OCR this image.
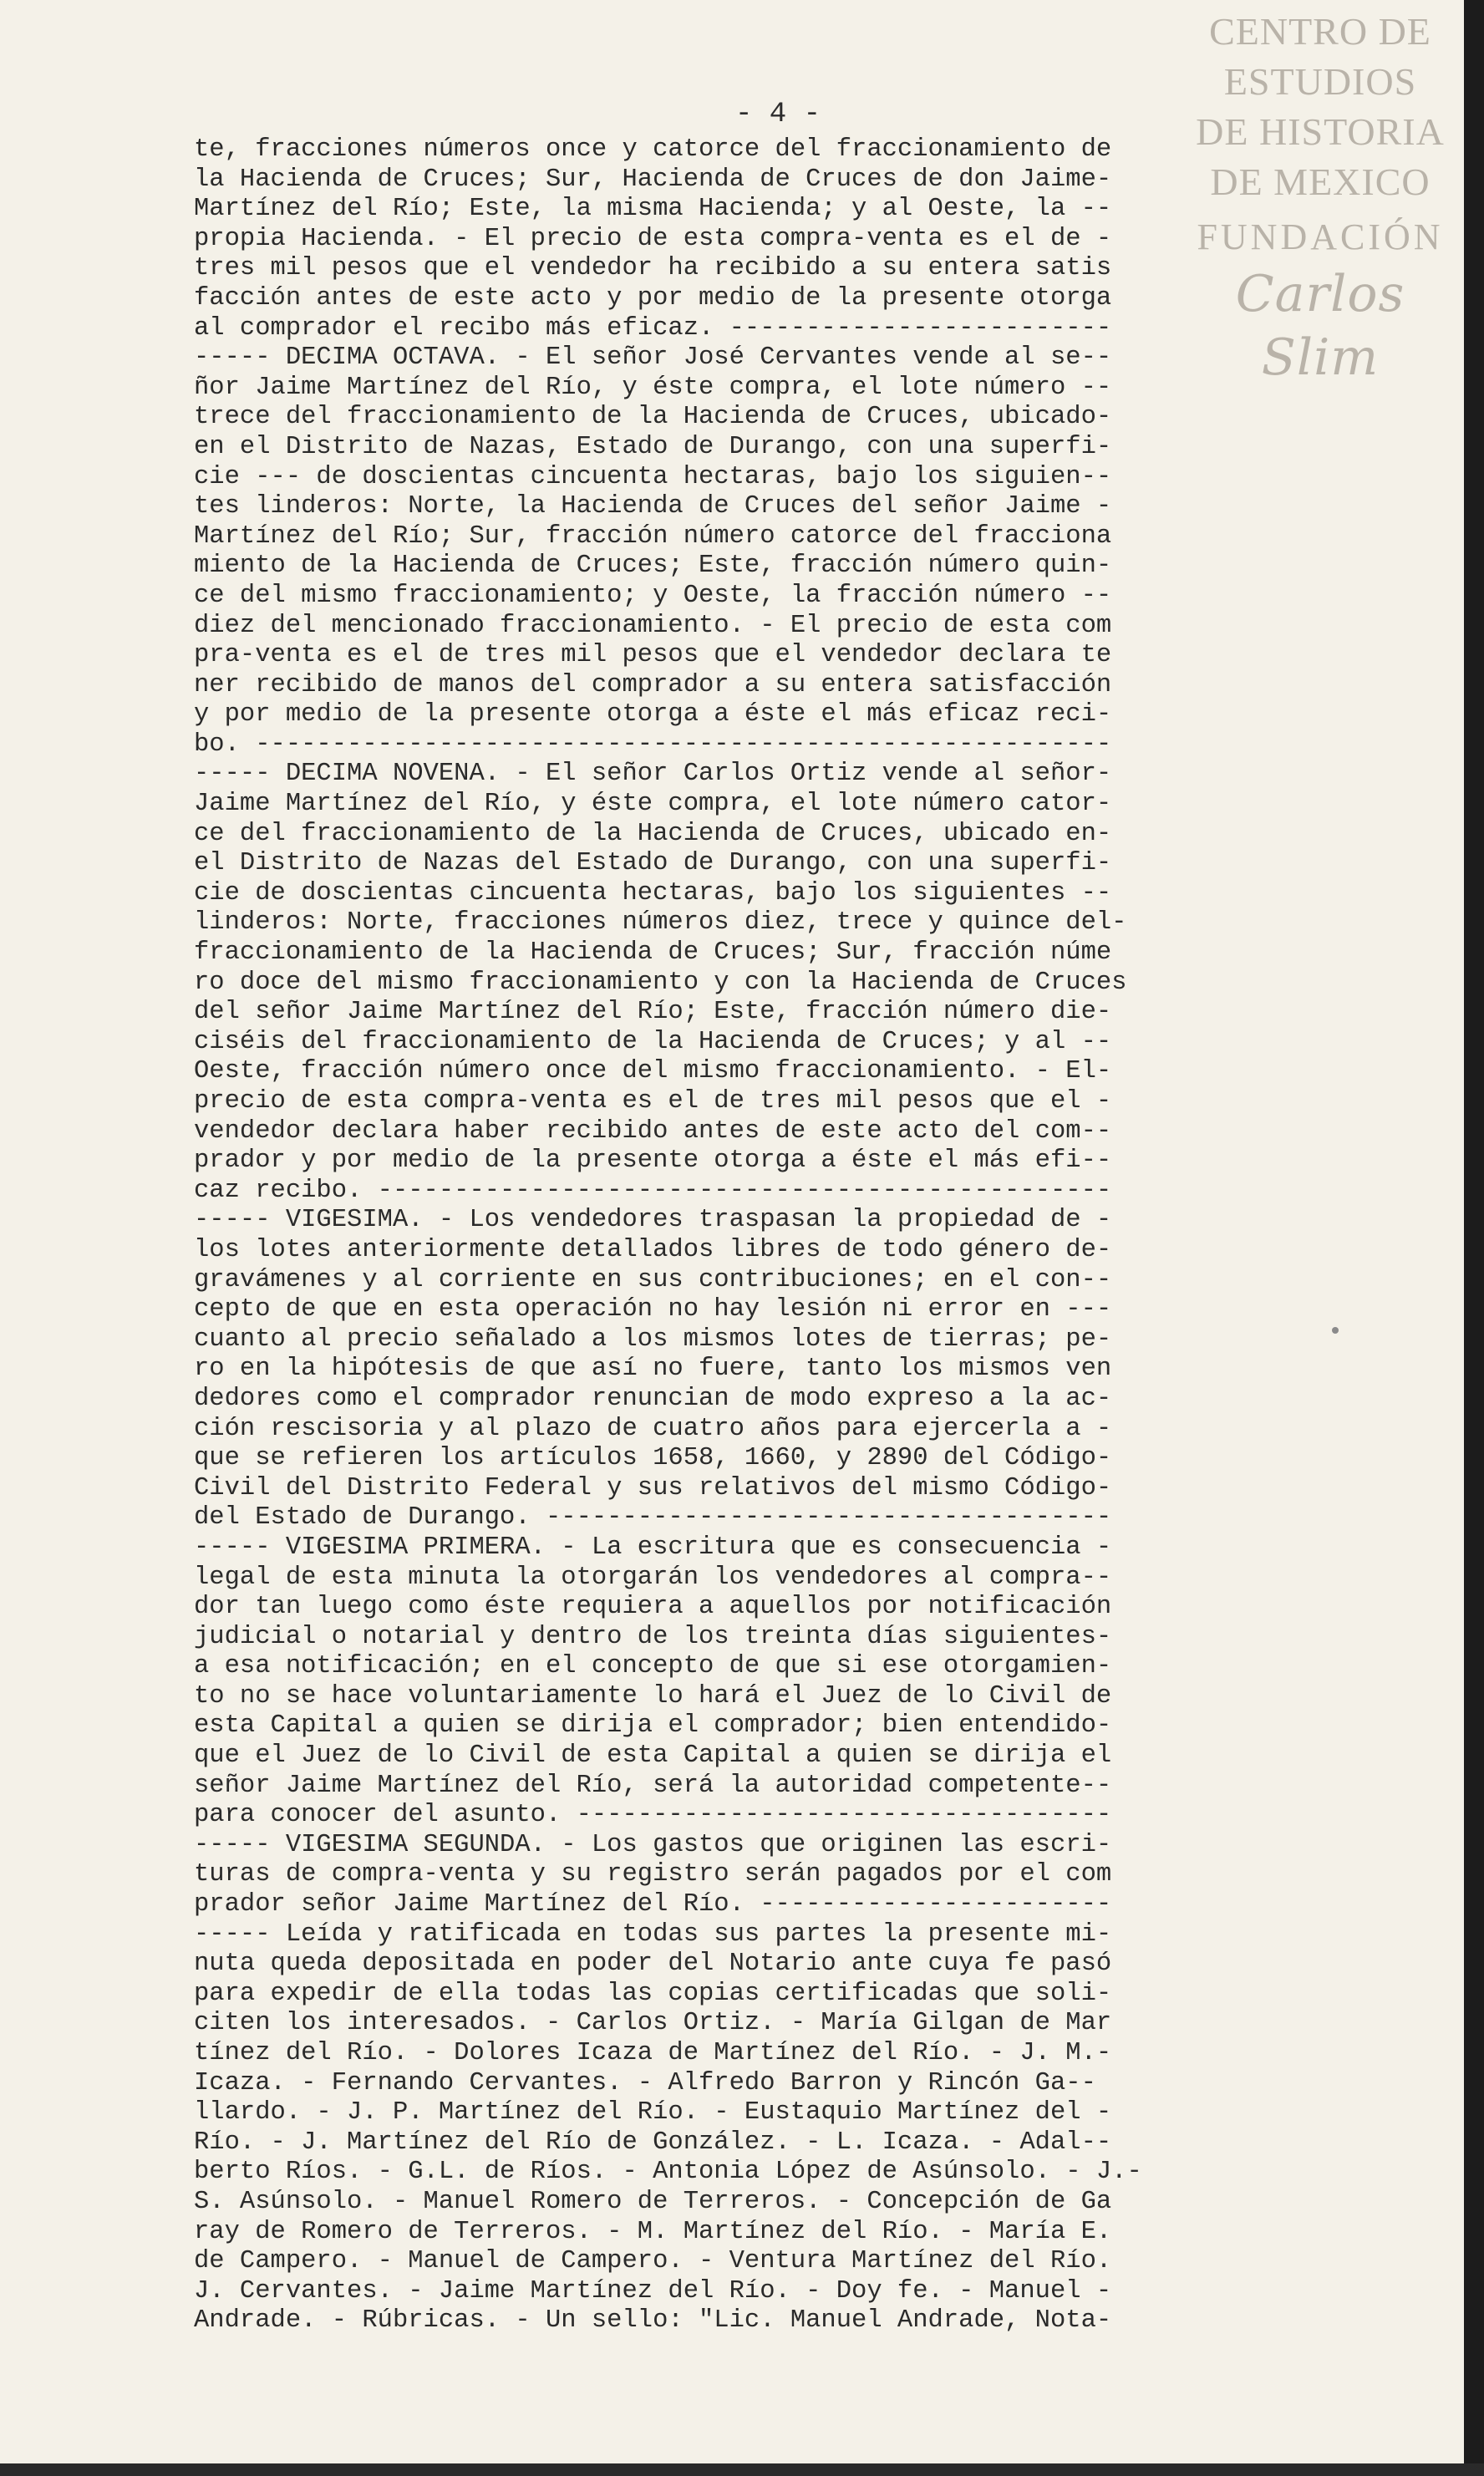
CENTRO DE
ESTUDIOS
DE HISTORIA
DE MEXICO
FUNDACIÓN
Carlos Slim
- 4 -
te, fracciones números once y catorce del fraccionamiento de
la Hacienda de Cruces; Sur, Hacienda de Cruces de don Jaime-
Martínez del Río; Este, la misma Hacienda; y al Oeste, la --
propia Hacienda. - El precio de esta compra-venta es el de -
tres mil pesos que el vendedor ha recibido a su entera satis
facción antes de este acto y por medio de la presente otorga
al comprador el recibo más eficaz. -------------------------
----- DECIMA OCTAVA. - El señor José Cervantes vende al se--
ñor Jaime Martínez del Río, y éste compra, el lote número --
trece del fraccionamiento de la Hacienda de Cruces, ubicado-
en el Distrito de Nazas, Estado de Durango, con una superfi-
cie --- de doscientas cincuenta hectaras, bajo los siguien--
tes linderos: Norte, la Hacienda de Cruces del señor Jaime -
Martínez del Río; Sur, fracción número catorce del fracciona
miento de la Hacienda de Cruces; Este, fracción número quin-
ce del mismo fraccionamiento; y Oeste, la fracción número --
diez del mencionado fraccionamiento. - El precio de esta com
pra-venta es el de tres mil pesos que el vendedor declara te
ner recibido de manos del comprador a su entera satisfacción
y por medio de la presente otorga a éste el más eficaz reci-
bo. --------------------------------------------------------
----- DECIMA NOVENA. - El señor Carlos Ortiz vende al señor-
Jaime Martínez del Río, y éste compra, el lote número cator-
ce del fraccionamiento de la Hacienda de Cruces, ubicado en-
el Distrito de Nazas del Estado de Durango, con una superfi-
cie de doscientas cincuenta hectaras, bajo los siguientes --
linderos: Norte, fracciones números diez, trece y quince del-
fraccionamiento de la Hacienda de Cruces; Sur, fracción núme
ro doce del mismo fraccionamiento y con la Hacienda de Cruces
del señor Jaime Martínez del Río; Este, fracción número die-
ciséis del fraccionamiento de la Hacienda de Cruces; y al --
Oeste, fracción número once del mismo fraccionamiento. - El-
precio de esta compra-venta es el de tres mil pesos que el -
vendedor declara haber recibido antes de este acto del com--
prador y por medio de la presente otorga a éste el más efi--
caz recibo. ------------------------------------------------
----- VIGESIMA. - Los vendedores traspasan la propiedad de -
los lotes anteriormente detallados libres de todo género de-
gravámenes y al corriente en sus contribuciones; en el con--
cepto de que en esta operación no hay lesión ni error en ---
cuanto al precio señalado a los mismos lotes de tierras; pe-
ro en la hipótesis de que así no fuere, tanto los mismos ven
dedores como el comprador renuncian de modo expreso a la ac-
ción rescisoria y al plazo de cuatro años para ejercerla a -
que se refieren los artículos 1658, 1660, y 2890 del Código-
Civil del Distrito Federal y sus relativos del mismo Código-
del Estado de Durango. -------------------------------------
----- VIGESIMA PRIMERA. - La escritura que es consecuencia -
legal de esta minuta la otorgarán los vendedores al compra--
dor tan luego como éste requiera a aquellos por notificación
judicial o notarial y dentro de los treinta días siguientes-
a esa notificación; en el concepto de que si ese otorgamien-
to no se hace voluntariamente lo hará el Juez de lo Civil de
esta Capital a quien se dirija el comprador; bien entendido-
que el Juez de lo Civil de esta Capital a quien se dirija el
señor Jaime Martínez del Río, será la autoridad competente--
para conocer del asunto. -----------------------------------
----- VIGESIMA SEGUNDA. - Los gastos que originen las escri-
turas de compra-venta y su registro serán pagados por el com
prador señor Jaime Martínez del Río. -----------------------
----- Leída y ratificada en todas sus partes la presente mi-
nuta queda depositada en poder del Notario ante cuya fe pasó
para expedir de ella todas las copias certificadas que soli-
citen los interesados. - Carlos Ortiz. - María Gilgan de Mar
tínez del Río. - Dolores Icaza de Martínez del Río. - J. M.-
Icaza. - Fernando Cervantes. - Alfredo Barron y Rincón Ga--
llardo. - J. P. Martínez del Río. - Eustaquio Martínez del -
Río. - J. Martínez del Río de González. - L. Icaza. - Adal--
berto Ríos. - G.L. de Ríos. - Antonia López de Asúnsolo. - J.-
S. Asúnsolo. - Manuel Romero de Terreros. - Concepción de Ga
ray de Romero de Terreros. - M. Martínez del Río. - María E.
de Campero. - Manuel de Campero. - Ventura Martínez del Río.
J. Cervantes. - Jaime Martínez del Río. - Doy fe. - Manuel -
Andrade. - Rúbricas. - Un sello: "Lic. Manuel Andrade, Nota-
